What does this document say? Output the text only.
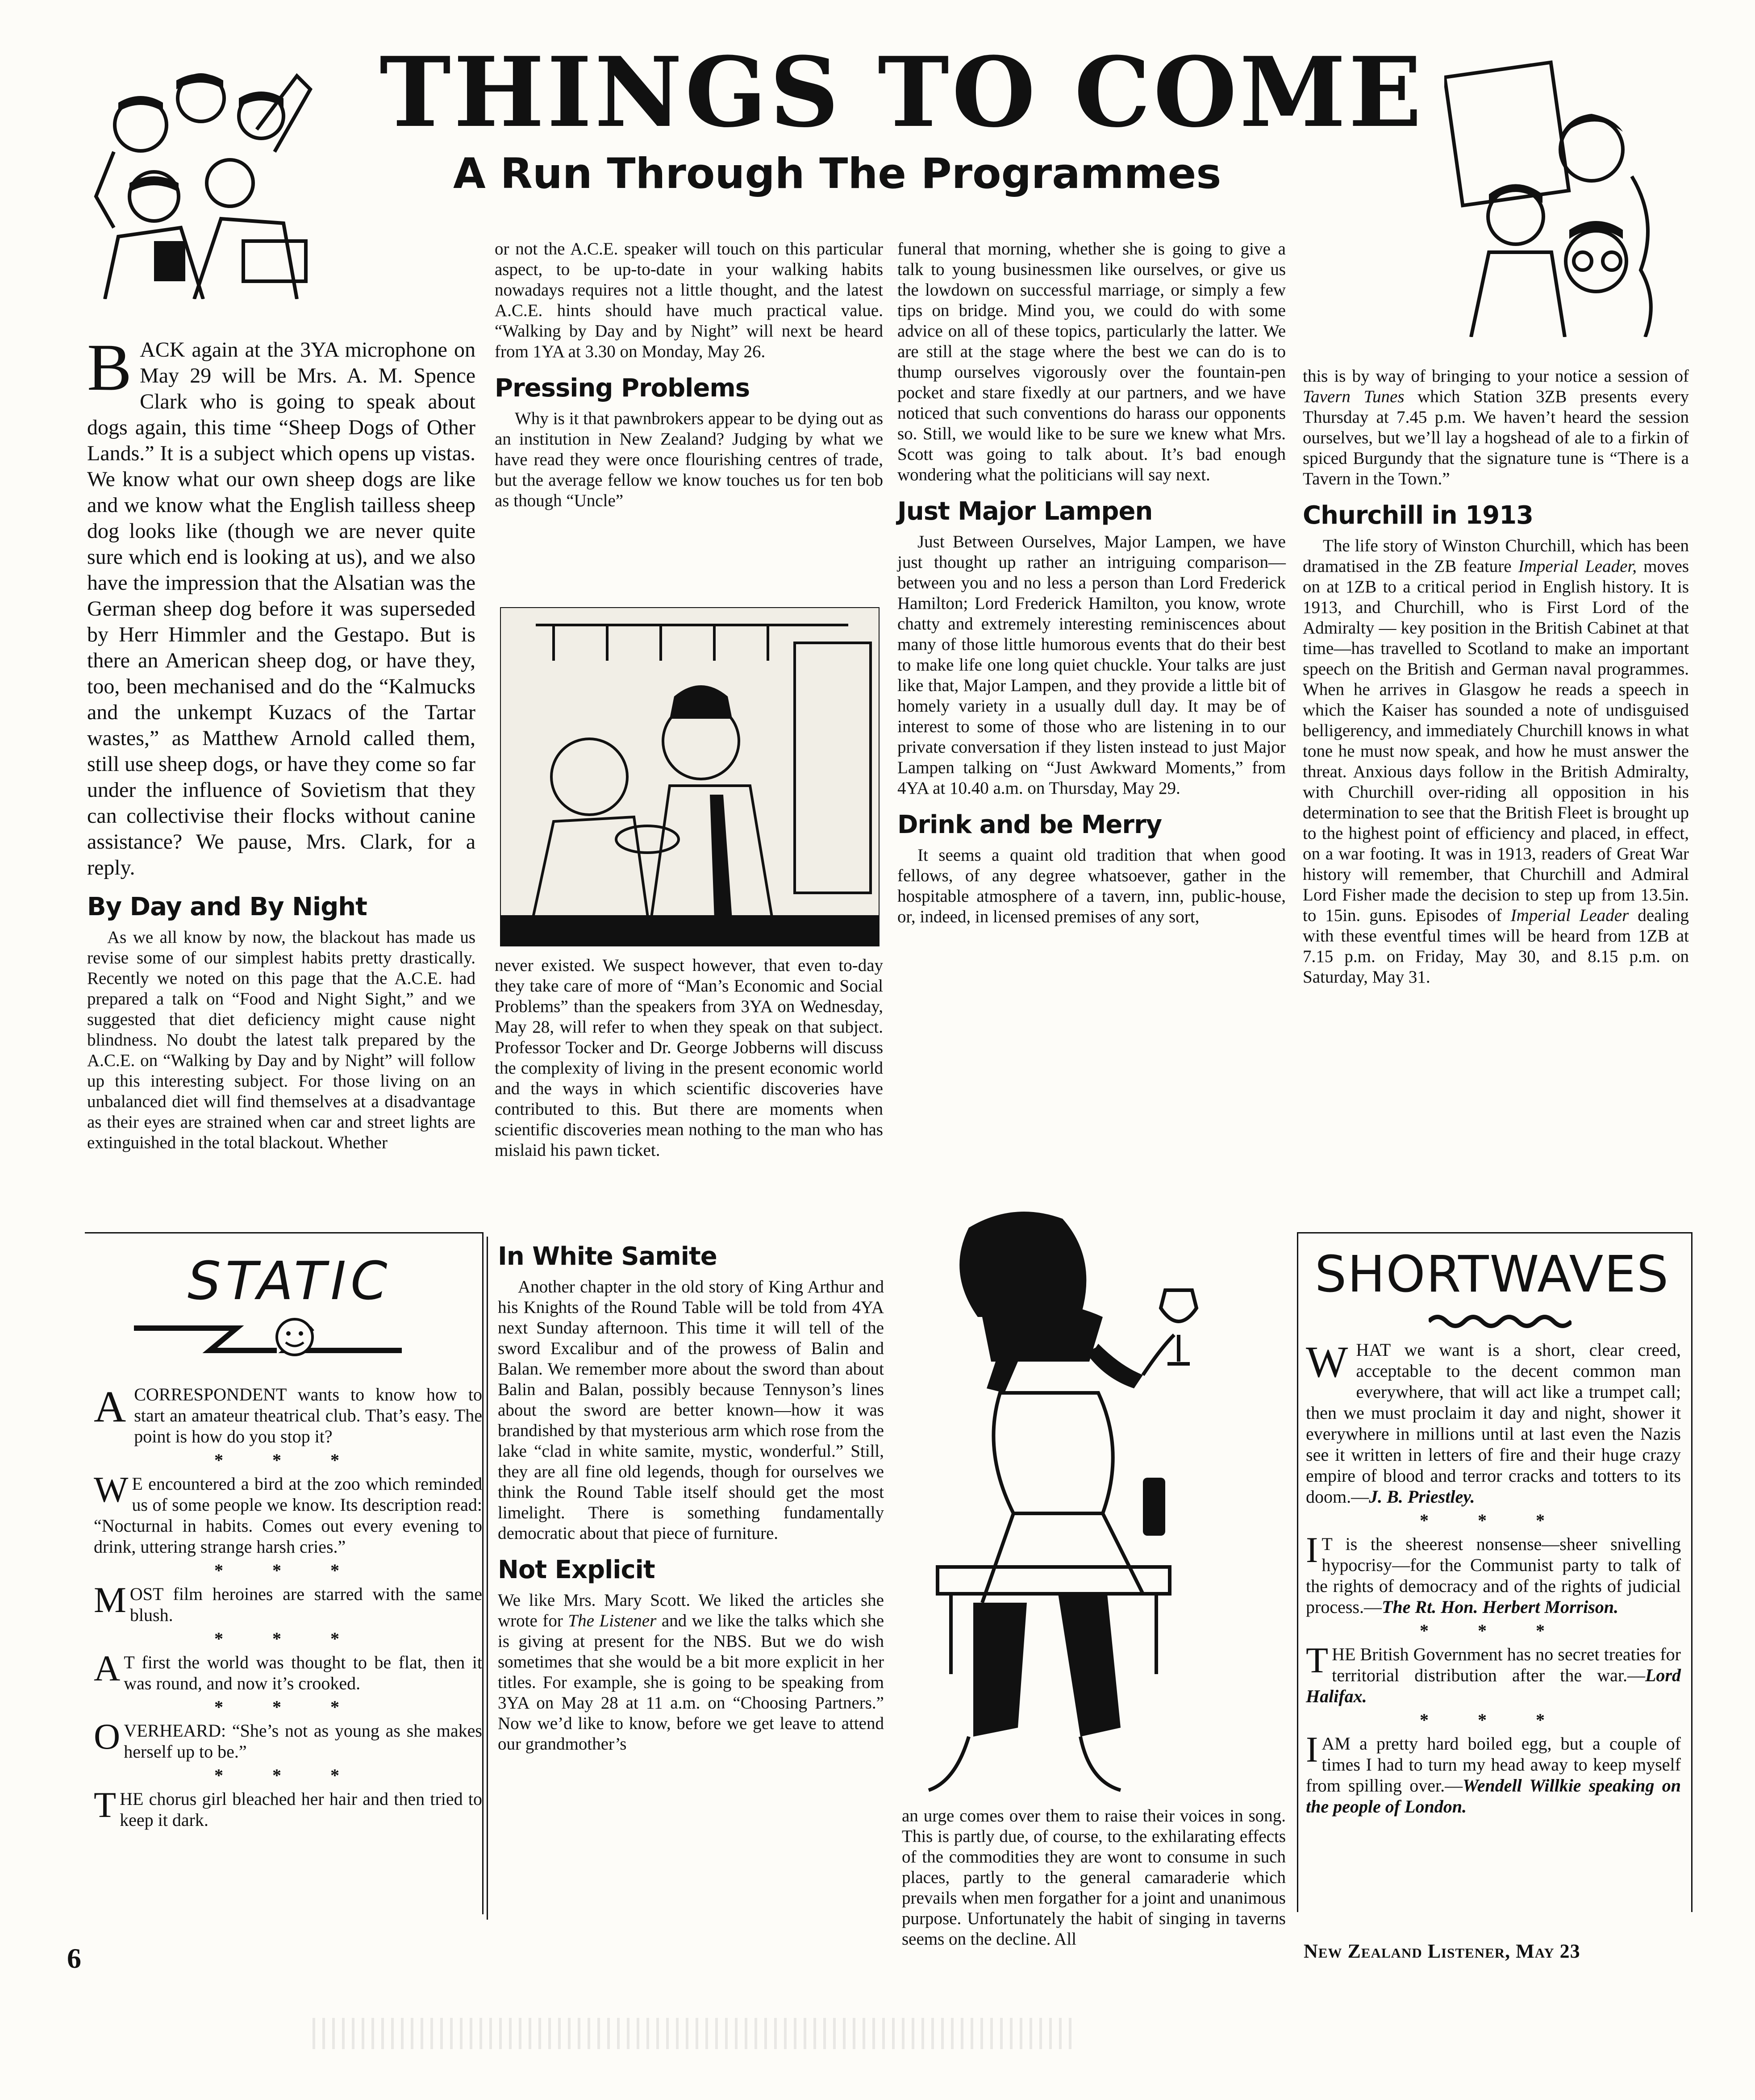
THINGS TO COME
A Run Through The Programmes
B ACK again at the 3YA microphone on May 29 will be Mrs. A. M. Spence Clark who is going to speak about dogs again, this time “Sheep Dogs of Other Lands.” It is a subject which opens up vistas. We know what our own sheep dogs are like and we know what the English tailless sheep dog looks like (though we are never quite sure which end is looking at us), and we also have the impression that the Alsatian was the German sheep dog before it was superseded by Herr Himmler and the Gestapo. But is there an American sheep dog, or have they, too, been mechanised and do the “Kalmucks and the unkempt Kuzacs of the Tartar wastes,” as Matthew Arnold called them, still use sheep dogs, or have they come so far under the influence of Sovietism that they can collectivise their flocks without canine assistance? We pause, Mrs. Clark, for a reply.
By Day and By Night

As we all know by now, the blackout has made us revise some of our simplest habits pretty drastically. Recently we noted on this page that the A.C.E. had prepared a talk on “Food and Night Sight,” and we suggested that diet deficiency might cause night blindness. No doubt the latest talk prepared by the A.C.E. on “Walking by Day and by Night” will follow up this interesting subject. For those living on an unbalanced diet will find themselves at a disadvantage as their eyes are strained when car and street lights are extinguished in the total blackout. Whether

or not the A.C.E. speaker will touch on this particular aspect, to be up-to-date in your walking habits nowadays requires not a little thought, and the latest A.C.E. hints should have much practical value. “Walking by Day and by Night” will next be heard from 1YA at 3.30 on Monday, May 26.

Pressing Problems

Why is it that pawnbrokers appear to be dying out as an institution in New Zealand? Judging by what we have read they were once flourishing centres of trade, but the average fellow we know touches us for ten bob as though “Uncle”

never existed. We suspect however, that even to-day they take care of more of “Man’s Economic and Social Problems” than the speakers from 3YA on Wednesday, May 28, will refer to when they speak on that subject. Professor Tocker and Dr. George Jobberns will discuss the complexity of living in the present economic world and the ways in which scientific discoveries have contributed to this. But there are moments when scientific discoveries mean nothing to the man who has mislaid his pawn ticket.

funeral that morning, whether she is going to give a talk to young businessmen like ourselves, or give us the lowdown on successful marriage, or simply a few tips on bridge. Mind you, we could do with some advice on all of these topics, particularly the latter. We are still at the stage where the best we can do is to thump ourselves vigorously over the fountain-pen pocket and stare fixedly at our partners, and we have noticed that such conventions do harass our opponents so. Still, we would like to be sure we knew what Mrs. Scott was going to talk about. It’s bad enough wondering what the politicians will say next.

Just Major Lampen

Just Between Ourselves, Major Lampen, we have just thought up rather an intriguing comparison—between you and no less a person than Lord Frederick Hamilton; Lord Frederick Hamilton, you know, wrote chatty and extremely interesting reminiscences about many of those little humorous events that do their best to make life one long quiet chuckle. Your talks are just like that, Major Lampen, and they provide a little bit of homely variety in a usually dull day. It may be of interest to some of those who are listening in to our private conversation if they listen instead to just Major Lampen talking on “Just Awkward Moments,” from 4YA at 10.40 a.m. on Thursday, May 29.

Drink and be Merry

It seems a quaint old tradition that when good fellows, of any degree whatsoever, gather in the hospitable atmosphere of a tavern, inn, public-house, or, indeed, in licensed premises of any sort,

this is by way of bringing to your notice a session of Tavern Tunes which Station 3ZB presents every Thursday at 7.45 p.m. We haven’t heard the session ourselves, but we’ll lay a hogshead of ale to a firkin of spiced Burgundy that the signature tune is “There is a Tavern in the Town.”

Churchill in 1913

The life story of Winston Churchill, which has been dramatised in the ZB feature Imperial Leader, moves on at 1ZB to a critical period in English history. It is 1913, and Churchill, who is First Lord of the Admiralty — key position in the British Cabinet at that time—has travelled to Scotland to make an important speech on the British and German naval programmes. When he arrives in Glasgow he reads a speech in which the Kaiser has sounded a note of undisguised belligerency, and immediately Churchill knows in what tone he must now speak, and how he must answer the threat. Anxious days follow in the British Admiralty, with Churchill over-riding all opposition in his determination to see that the British Fleet is brought up to the highest point of efficiency and placed, in effect, on a war footing. It was in 1913, readers of Great War history will remember, that Churchill and Admiral Lord Fisher made the decision to step up from 13.5in. to 15in. guns. Episodes of Imperial Leader dealing with these eventful times will be heard from 1ZB at 7.15 p.m. on Friday, May 30, and 8.15 p.m. on Saturday, May 31.

STATIC

ACORRESPONDENT wants to know how to start an amateur theatrical club. That’s easy. The point is how do you stop it?

* * *

W E encountered a bird at the zoo which reminded us of some people we know. Its description read: “Nocturnal in habits. Comes out every evening to drink, uttering strange harsh cries.”

* * *

MOST film heroines are starred with the same blush.

* * *

A T first the world was thought to be flat, then it was round, and now it’s crooked.

* * *

OVERHEARD: “She’s not as young as she makes herself up to be.”

* * *

THE chorus girl bleached her hair and then tried to keep it dark.

In White Samite

Another chapter in the old story of King Arthur and his Knights of the Round Table will be told from 4YA next Sunday afternoon. This time it will tell of the sword Excalibur and of the prowess of Balin and Balan. We remember more about the sword than about Balin and Balan, possibly because Tennyson’s lines about the sword are better known—how it was brandished by that mysterious arm which rose from the lake “clad in white samite, mystic, wonderful.” Still, they are all fine old legends, though for ourselves we think the Round Table itself should get the most limelight. There is something fundamentally democratic about that piece of furniture.

Not Explicit

We like Mrs. Mary Scott. We liked the articles she wrote for The Listener and we like the talks which she is giving at present for the NBS. But we do wish sometimes that she would be a bit more explicit in her titles. For example, she is going to be speaking from 3YA on May 28 at 11 a.m. on “Choosing Partners.” Now we’d like to know, before we get leave to attend our grandmother’s

an urge comes over them to raise their voices in song. This is partly due, of course, to the exhilarating effects of the commodities they are wont to consume in such places, partly to the general camaraderie which prevails when men forgather for a joint and unanimous purpose. Unfortunately the habit of singing in taverns seems on the decline. All

SHORTWAVES

WHAT we want is a short, clear creed, acceptable to the decent common man everywhere, that will act like a trumpet call; then we must proclaim it day and night, shower it everywhere in millions until at last even the Nazis see it written in letters of fire and their huge crazy empire of blood and terror cracks and totters to its doom.—J. B. Priestley.

* * *

I T is the sheerest nonsense—sheer snivelling hypocrisy—for the Communist party to talk of the rights of democracy and of the rights of judicial process.—The Rt. Hon. Herbert Morrison.

* * *

THE British Government has no secret treaties for territorial distribution after the war.—Lord Halifax.

* * *

I AM a pretty hard boiled egg, but a couple of times I had to turn my head away to keep myself from spilling over.—Wendell Willkie speaking on the people of London.

6	New Zealand Listener, May 23
